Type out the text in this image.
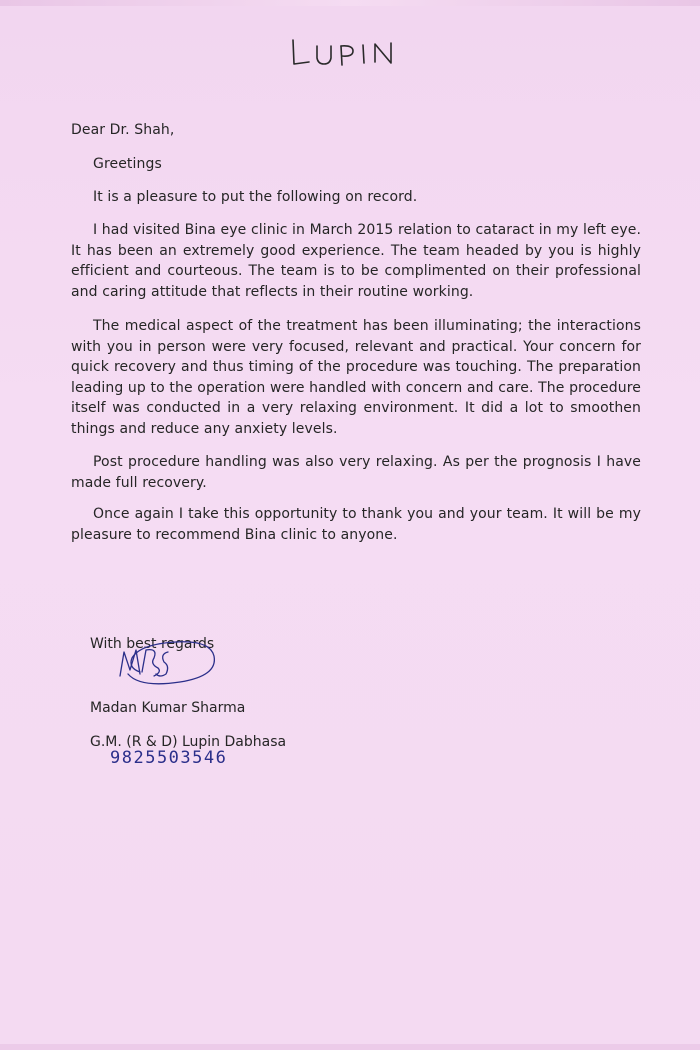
Dear Dr. Shah,

Greetings

It is a pleasure to put the following on record.

I had visited Bina eye clinic in March 2015 relation to cataract in my left eye. It has been an extremely good experience. The team headed by you is highly efficient and courteous. The team is to be complimented on their professional and caring attitude that reflects in their routine working.

The medical aspect of the treatment has been illuminating; the interactions with you in person were very focused, relevant and practical. Your concern for quick recovery and thus timing of the procedure was touching. The preparation leading up to the operation were handled with concern and care. The procedure itself was conducted in a very relaxing environment. It did a lot to smoothen things and reduce any anxiety levels.

Post procedure handling was also very relaxing. As per the prognosis I have made full recovery.

Once again I take this opportunity to thank you and your team. It will be my pleasure to recommend Bina clinic to anyone.

With best regards

Madan Kumar Sharma

G.M. (R & D) Lupin Dabhasa

9825503546
